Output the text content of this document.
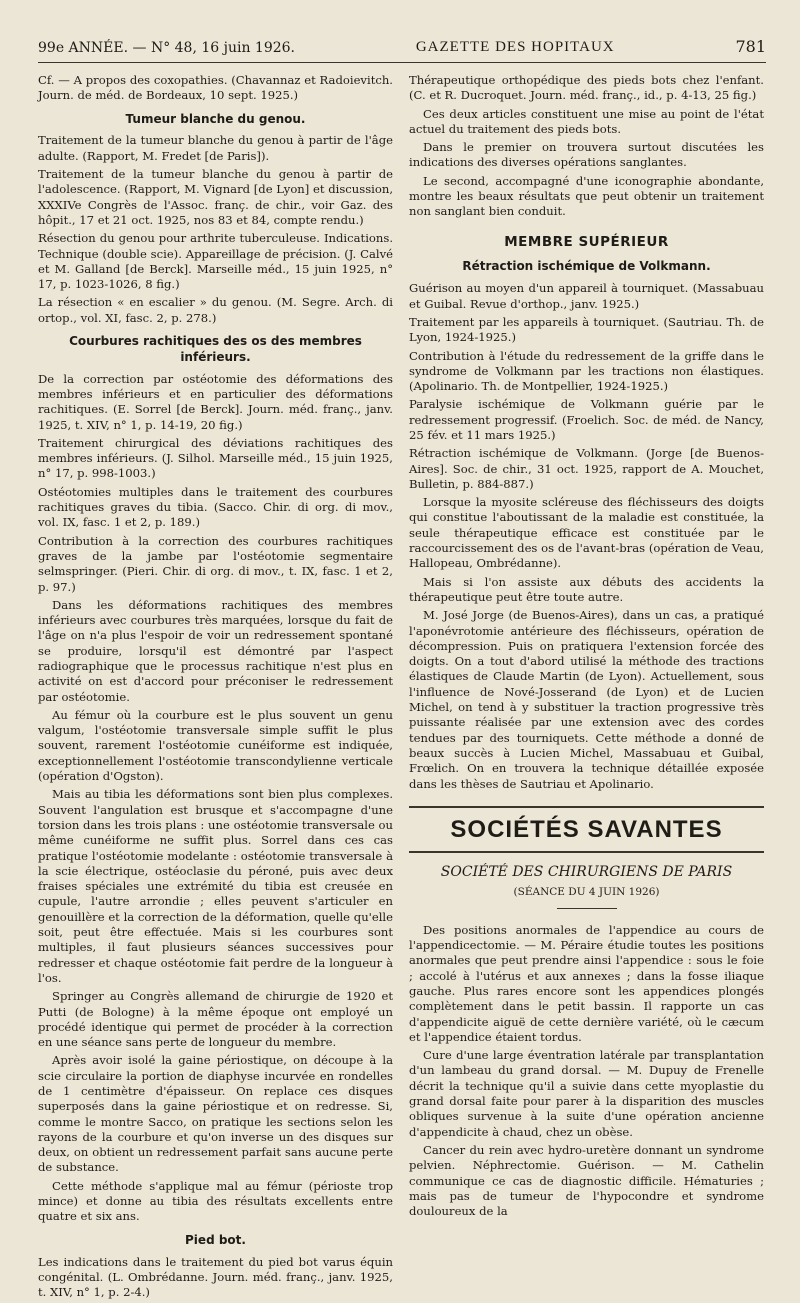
99e ANNÉE. — N° 48, 16 juin 1926.	GAZETTE DES HOPITAUX	781

Cf. — A propos des coxopathies. (Chavannaz et Radoievitch. Journ. de méd. de Bordeaux, 10 sept. 1925.)

Tumeur blanche du genou.

Traitement de la tumeur blanche du genou à partir de l'âge adulte. (Rapport, M. Fredet [de Paris]).

Traitement de la tumeur blanche du genou à partir de l'adolescence. (Rapport, M. Vignard [de Lyon] et discussion, XXXIVe Congrès de l'Assoc. franç. de chir., voir Gaz. des hôpit., 17 et 21 oct. 1925, nos 83 et 84, compte rendu.)

Résection du genou pour arthrite tuberculeuse. Indications. Technique (double scie). Appareillage de précision. (J. Calvé et M. Galland [de Berck]. Marseille méd., 15 juin 1925, n° 17, p. 1023-1026, 8 fig.)

La résection « en escalier » du genou. (M. Segre. Arch. di ortop., vol. XI, fasc. 2, p. 278.)

Courbures rachitiques des os des membres inférieurs.

De la correction par ostéotomie des déformations des membres inférieurs et en particulier des déformations rachitiques. (E. Sorrel [de Berck]. Journ. méd. franç., janv. 1925, t. XIV, n° 1, p. 14-19, 20 fig.)

Traitement chirurgical des déviations rachitiques des membres inférieurs. (J. Silhol. Marseille méd., 15 juin 1925, n° 17, p. 998-1003.)

Ostéotomies multiples dans le traitement des courbures rachitiques graves du tibia. (Sacco. Chir. di org. di mov., vol. IX, fasc. 1 et 2, p. 189.)

Contribution à la correction des courbures rachitiques graves de la jambe par l'ostéotomie segmentaire selmspringer. (Pieri. Chir. di org. di mov., t. IX, fasc. 1 et 2, p. 97.)

Dans les déformations rachitiques des membres inférieurs avec courbures très marquées, lorsque du fait de l'âge on n'a plus l'espoir de voir un redressement spontané se produire, lorsqu'il est démontré par l'aspect radiographique que le processus rachitique n'est plus en activité on est d'accord pour préconiser le redressement par ostéotomie.

Au fémur où la courbure est le plus souvent un genu valgum, l'ostéotomie transversale simple suffit le plus souvent, rarement l'ostéotomie cunéiforme est indiquée, exceptionnellement l'ostéotomie transcondylienne verticale (opération d'Ogston).

Mais au tibia les déformations sont bien plus complexes. Souvent l'angulation est brusque et s'accompagne d'une torsion dans les trois plans : une ostéotomie transversale ou même cunéiforme ne suffit plus. Sorrel dans ces cas pratique l'ostéotomie modelante : ostéotomie transversale à la scie électrique, ostéoclasie du péroné, puis avec deux fraises spéciales une extrémité du tibia est creusée en cupule, l'autre arrondie ; elles peuvent s'articuler en genouillère et la correction de la déformation, quelle qu'elle soit, peut être effectuée. Mais si les courbures sont multiples, il faut plusieurs séances successives pour redresser et chaque ostéotomie fait perdre de la longueur à l'os.

Springer au Congrès allemand de chirurgie de 1920 et Putti (de Bologne) à la même époque ont employé un procédé identique qui permet de procéder à la correction en une séance sans perte de longueur du membre.

Après avoir isolé la gaine périostique, on découpe à la scie circulaire la portion de diaphyse incurvée en rondelles de 1 centimètre d'épaisseur. On replace ces disques superposés dans la gaine périostique et on redresse. Si, comme le montre Sacco, on pratique les sections selon les rayons de la courbure et qu'on inverse un des disques sur deux, on obtient un redressement parfait sans aucune perte de substance.

Cette méthode s'applique mal au fémur (périoste trop mince) et donne au tibia des résultats excellents entre quatre et six ans.

Pied bot.

Les indications dans le traitement du pied bot varus équin congénital. (L. Ombrédanne. Journ. méd. franç., janv. 1925, t. XIV, n° 1, p. 2-4.)

Thérapeutique orthopédique des pieds bots chez l'enfant. (C. et R. Ducroquet. Journ. méd. franç., id., p. 4-13, 25 fig.)

Ces deux articles constituent une mise au point de l'état actuel du traitement des pieds bots.

Dans le premier on trouvera surtout discutées les indications des diverses opérations sanglantes.

Le second, accompagné d'une iconographie abondante, montre les beaux résultats que peut obtenir un traitement non sanglant bien conduit.

MEMBRE SUPÉRIEUR
Rétraction ischémique de Volkmann.

Guérison au moyen d'un appareil à tourniquet. (Massabuau et Guibal. Revue d'orthop., janv. 1925.)

Traitement par les appareils à tourniquet. (Sautriau. Th. de Lyon, 1924-1925.)

Contribution à l'étude du redressement de la griffe dans le syndrome de Volkmann par les tractions non élastiques. (Apolinario. Th. de Montpellier, 1924-1925.)

Paralysie ischémique de Volkmann guérie par le redressement progressif. (Froelich. Soc. de méd. de Nancy, 25 fév. et 11 mars 1925.)

Rétraction ischémique de Volkmann. (Jorge [de Buenos-Aires]. Soc. de chir., 31 oct. 1925, rapport de A. Mouchet, Bulletin, p. 884-887.)

Lorsque la myosite scléreuse des fléchisseurs des doigts qui constitue l'aboutissant de la maladie est constituée, la seule thérapeutique efficace est constituée par le raccourcissement des os de l'avant-bras (opération de Veau, Hallopeau, Ombrédanne).

Mais si l'on assiste aux débuts des accidents la thérapeutique peut être toute autre.

M. José Jorge (de Buenos-Aires), dans un cas, a pratiqué l'aponévrotomie antérieure des fléchisseurs, opération de décompression. Puis on pratiquera l'extension forcée des doigts. On a tout d'abord utilisé la méthode des tractions élastiques de Claude Martin (de Lyon). Actuellement, sous l'influence de Nové-Josserand (de Lyon) et de Lucien Michel, on tend à y substituer la traction progressive très puissante réalisée par une extension avec des cordes tendues par des tourniquets. Cette méthode a donné de beaux succès à Lucien Michel, Massabuau et Guibal, Frœlich. On en trouvera la technique détaillée exposée dans les thèses de Sautriau et Apolinario.

SOCIÉTÉS SAVANTES
SOCIÉTÉ DES CHIRURGIENS DE PARIS
(SÉANCE DU 4 JUIN 1926)

Des positions anormales de l'appendice au cours de l'appendicectomie. — M. Péraire étudie toutes les positions anormales que peut prendre ainsi l'appendice : sous le foie ; accolé à l'utérus et aux annexes ; dans la fosse iliaque gauche. Plus rares encore sont les appendices plongés complètement dans le petit bassin. Il rapporte un cas d'appendicite aiguë de cette dernière variété, où le cæcum et l'appendice étaient tordus.

Cure d'une large éventration latérale par transplantation d'un lambeau du grand dorsal. — M. Dupuy de Frenelle décrit la technique qu'il a suivie dans cette myoplastie du grand dorsal faite pour parer à la disparition des muscles obliques survenue à la suite d'une opération ancienne d'appendicite à chaud, chez un obèse.

Cancer du rein avec hydro-uretère donnant un syndrome pelvien. Néphrectomie. Guérison. — M. Cathelin communique ce cas de diagnostic difficile. Hématuries ; mais pas de tumeur de l'hypocondre et syndrome douloureux de la
